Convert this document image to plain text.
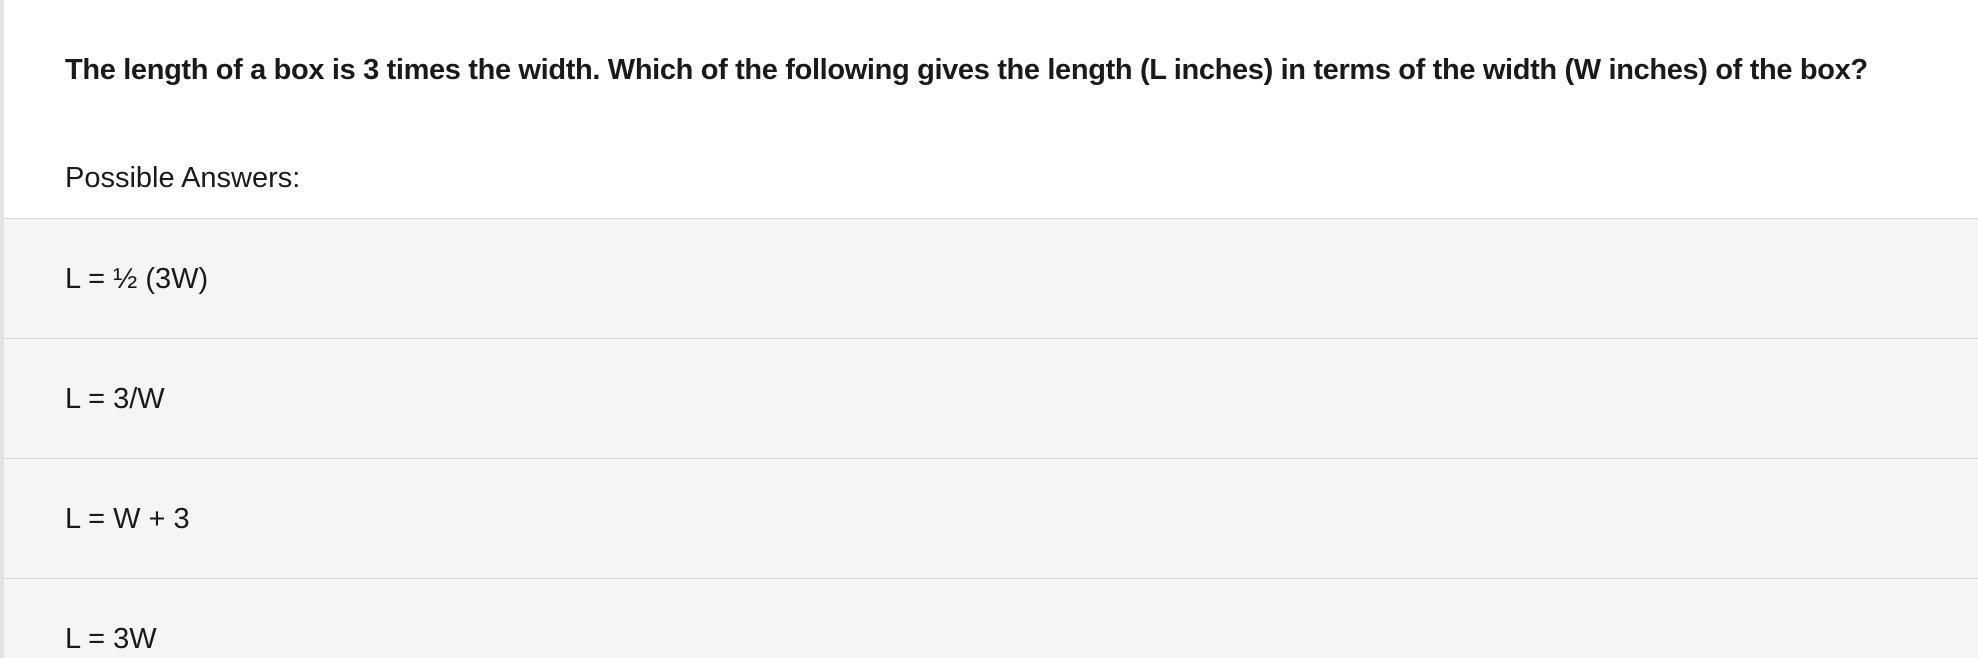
The length of a box is 3 times the width. Which of the following gives the length (L inches) in terms of the width (W inches) of the box?
Possible Answers:
L = ½ (3W)
L = 3/W
L = W + 3
L = 3W
